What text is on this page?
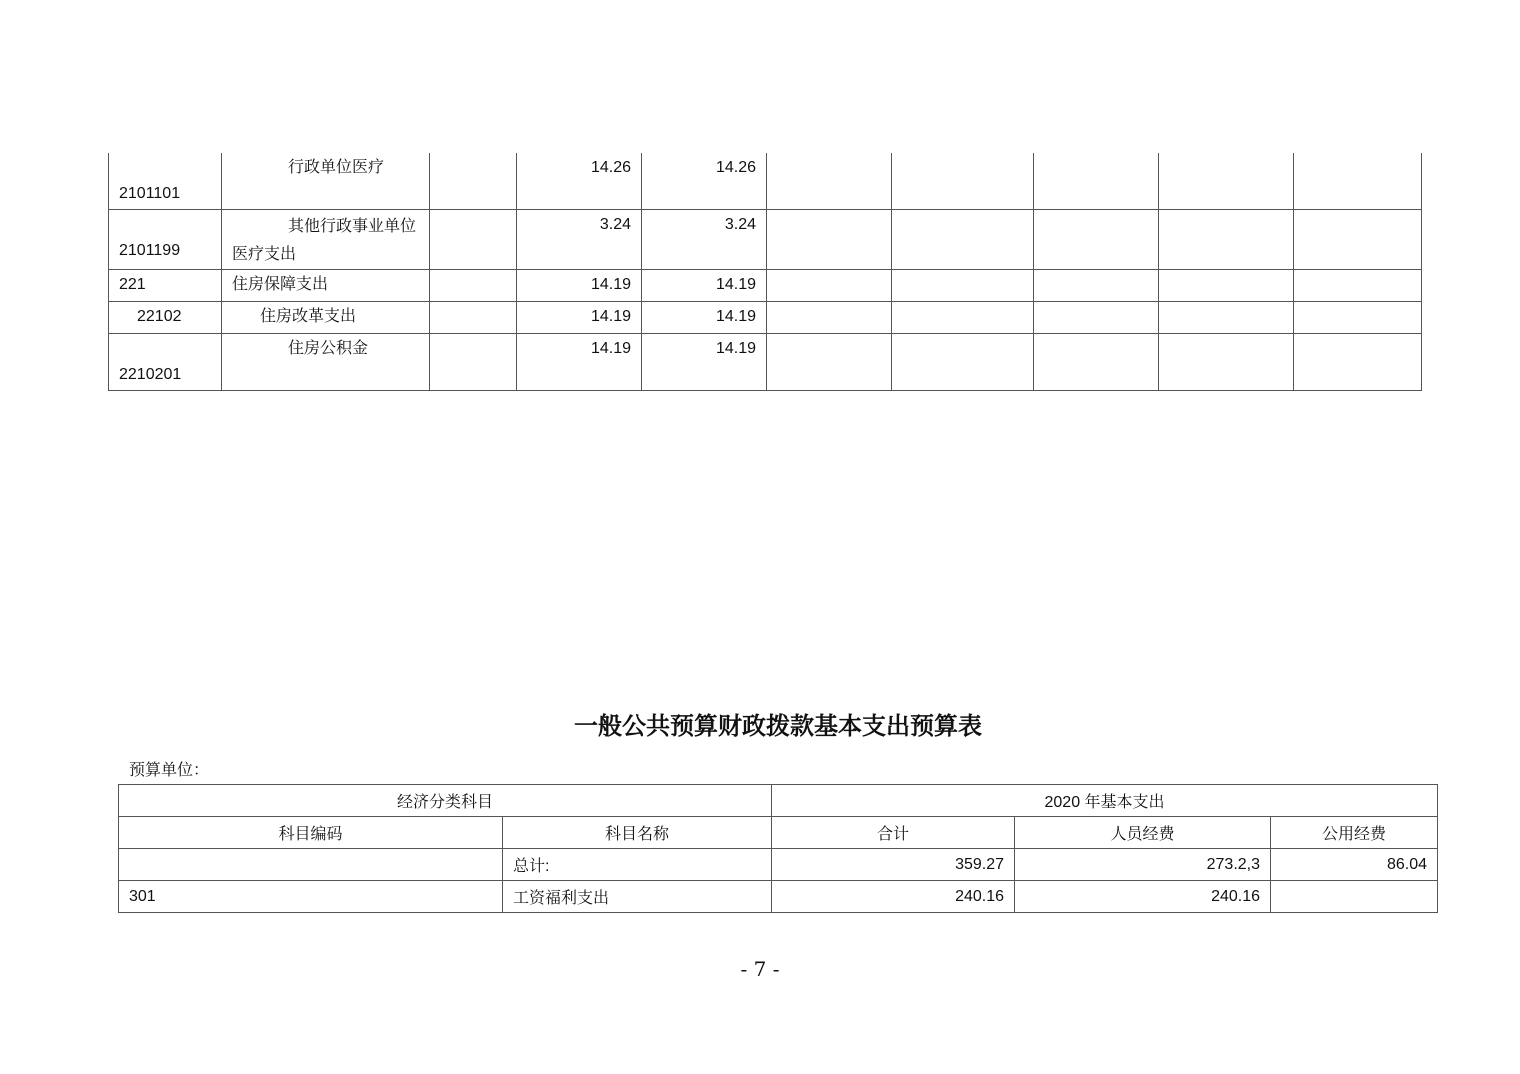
2101101	行政单位医疗		14.26	14.26					

2101199	其他行政事业单位医疗支出		3.24	3.24					

221	住房保障支出		14.19	14.19					

22102	住房改革支出		14.19	14.19					

2210201	住房公积金		14.19	14.19					

一般公共预算财政拨款基本支出预算表

预算单位：

经济分类科目		2020 年基本支出		
科目编码	科目名称	合计	人员经费	公用经费
	总计:	359.27	273.2,3	86.04
301	工资福利支出	240.16	240.16	

- 7 -
